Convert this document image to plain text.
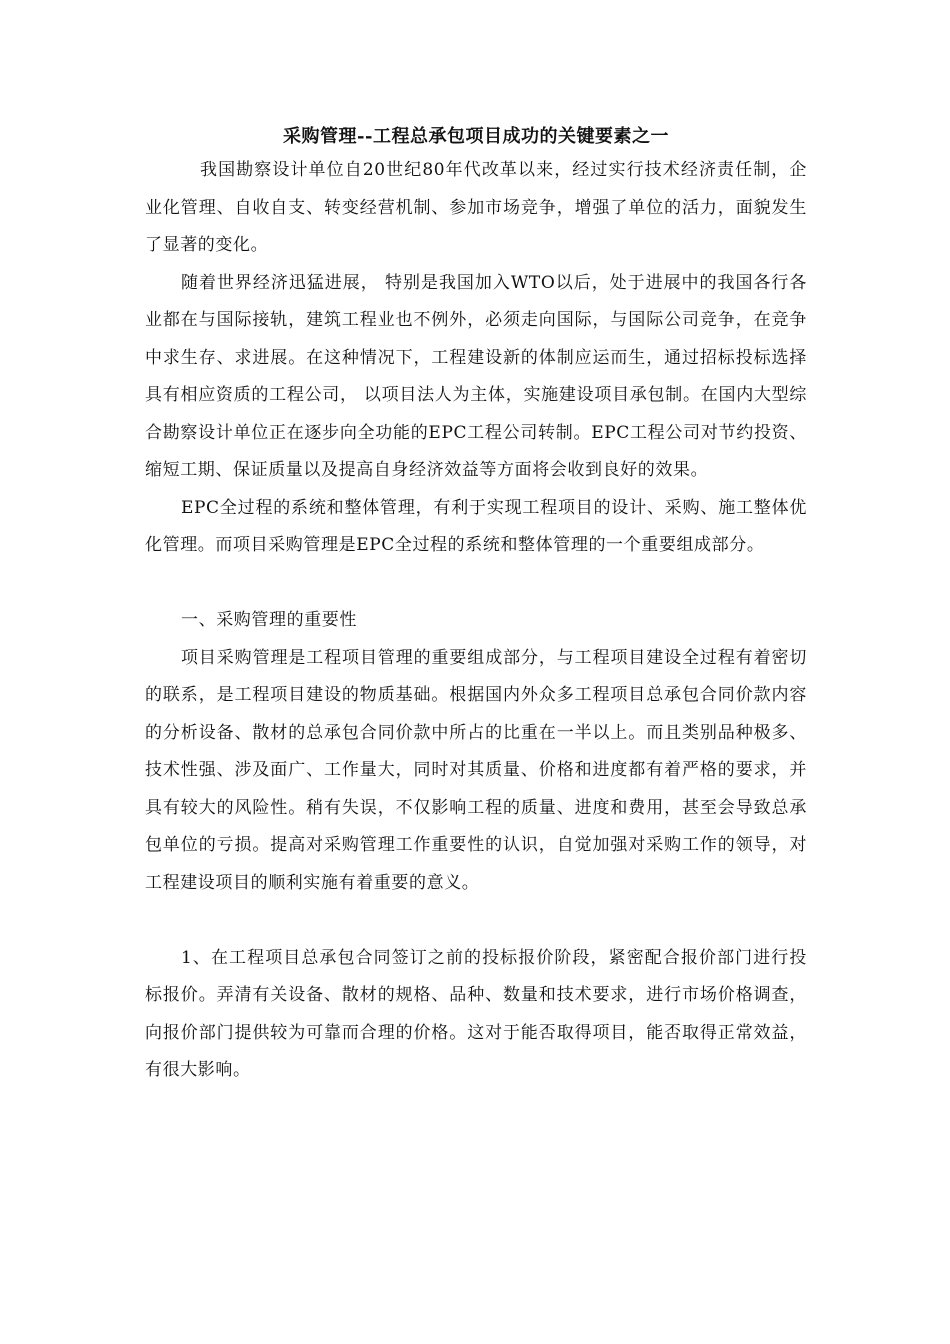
采购管理--工程总承包项目成功的关键要素之一

我国勘察设计单位自20世纪80年代改革以来，经过实行技术经济责任制，企业化管理、自收自支、转变经营机制、参加市场竞争，增强了单位的活力，面貌发生了显著的变化。

随着世界经济迅猛进展， 特别是我国加入WTO以后，处于进展中的我国各行各业都在与国际接轨，建筑工程业也不例外，必须走向国际，与国际公司竞争，在竞争中求生存、求进展。在这种情况下，工程建设新的体制应运而生，通过招标投标选择具有相应资质的工程公司， 以项目法人为主体，实施建设项目承包制。在国内大型综合勘察设计单位正在逐步向全功能的EPC工程公司转制。EPC工程公司对节约投资、缩短工期、保证质量以及提高自身经济效益等方面将会收到良好的效果。

EPC全过程的系统和整体管理，有利于实现工程项目的设计、采购、施工整体优化管理。而项目采购管理是EPC全过程的系统和整体管理的一个重要组成部分。

一、采购管理的重要性

项目采购管理是工程项目管理的重要组成部分，与工程项目建设全过程有着密切的联系，是工程项目建设的物质基础。根据国内外众多工程项目总承包合同价款内容的分析设备、散材的总承包合同价款中所占的比重在一半以上。而且类别品种极多、技术性强、涉及面广、工作量大，同时对其质量、价格和进度都有着严格的要求，并具有较大的风险性。稍有失误，不仅影响工程的质量、进度和费用，甚至会导致总承包单位的亏损。提高对采购管理工作重要性的认识，自觉加强对采购工作的领导，对工程建设项目的顺利实施有着重要的意义。

1、在工程项目总承包合同签订之前的投标报价阶段，紧密配合报价部门进行投标报价。弄清有关设备、散材的规格、品种、数量和技术要求，进行市场价格调查，向报价部门提供较为可靠而合理的价格。这对于能否取得项目，能否取得正常效益，有很大影响。
